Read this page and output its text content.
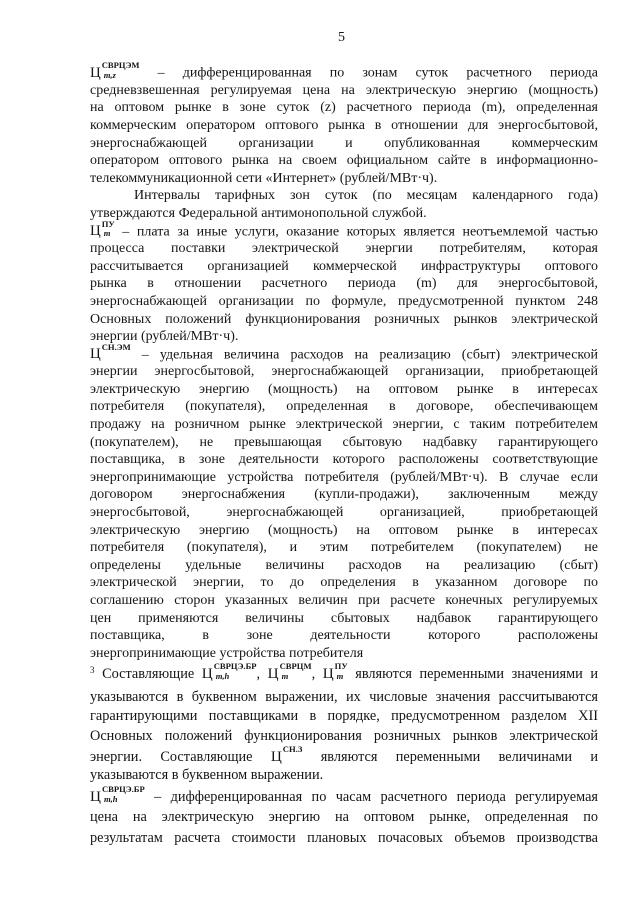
5
Ц СВРЦЭМ
m,z – дифференцированная по зонам суток расчетного периода
средневзвешенная регулируемая цена на электрическую энергию (мощность)
на оптовом рынке в зоне суток (z) расчетного периода (m), определенная
коммерческим оператором оптового рынка в отношении для энергосбытовой,
энергоснабжающей организации и опубликованная коммерческим
оператором оптового рынка на своем официальном сайте в информационно-
телекоммуникационной сети «Интернет» (рублей/МВт·ч).
Интервалы тарифных зон суток (по месяцам календарного года)
утверждаются Федеральной антимонопольной службой.
Ц ПУ
m – плата за иные услуги, оказание которых является неотъемлемой частью
процесса поставки электрической энергии потребителям, которая
рассчитывается организацией коммерческой инфраструктуры оптового
рынка в отношении расчетного периода (m) для энергосбытовой,
энергоснабжающей организации по формуле, предусмотренной пунктом 248
Основных положений функционирования розничных рынков электрической
энергии (рублей/МВт·ч).
Ц СН.ЭМ
– удельная величина расходов на реализацию (сбыт) электрической
энергии энергосбытовой, энергоснабжающей организации, приобретающей
электрическую энергию (мощность) на оптовом рынке в интересах
потребителя (покупателя), определенная в договоре, обеспечивающем
продажу на розничном рынке электрической энергии, с таким потребителем
(покупателем), не превышающая сбытовую надбавку гарантирующего
поставщика, в зоне деятельности которого расположены соответствующие
энергопринимающие устройства потребителя (рублей/МВт·ч). В случае если
договором энергоснабжения (купли-продажи), заключенным между
энергосбытовой, энергоснабжающей организацией, приобретающей
электрическую энергию (мощность) на оптовом рынке в интересах
потребителя (покупателя), и этим потребителем (покупателем) не
определены удельные величины расходов на реализацию (сбыт)
электрической энергии, то до определения в указанном договоре по
соглашению сторон указанных величин при расчете конечных регулируемых
цен применяются величины сбытовых надбавок гарантирующего
поставщика, в зоне деятельности которого расположены
энергопринимающие устройства потребителя
$^3$ Составляющие Ц СВРЦЭ.БР
m,h , Ц СВРЦМ
m , Ц ПУ
m являются переменными значениями и
указываются в буквенном выражении, их числовые значения рассчитываются
гарантирующими поставщиками в порядке, предусмотренном разделом XII
Основных положений функционирования розничных рынков электрической
энергии. Составляющие Ц СН.З являются переменными величинами и
указываются в буквенном выражении.
Ц СВРЦЭ.БР
m,h – дифференцированная по часам расчетного периода регулируемая
цена на электрическую энергию на оптовом рынке, определенная по
результатам расчета стоимости плановых почасовых объемов производства
